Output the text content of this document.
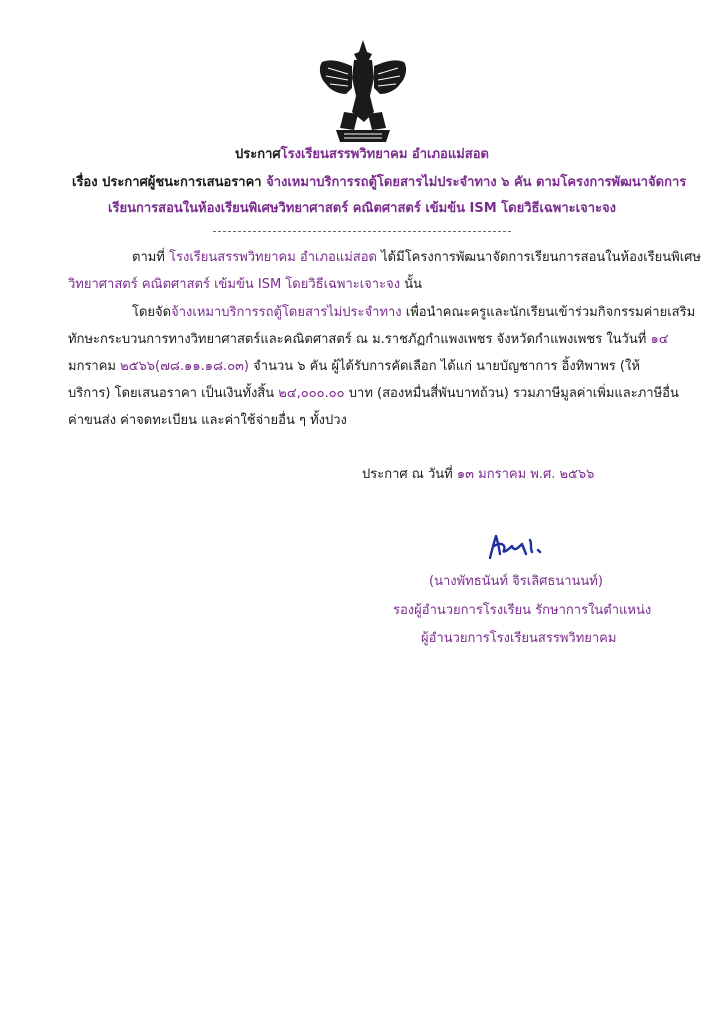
ประกาศโรงเรียนสรรพวิทยาคม อำเภอแม่สอด
เรื่อง ประกาศผู้ชนะการเสนอราคา จ้างเหมาบริการรถตู้โดยสารไม่ประจำทาง ๖ คัน ตามโครงการพัฒนาจัดการ
เรียนการสอนในห้องเรียนพิเศษวิทยาศาสตร์ คณิตศาสตร์ เข้มข้น ISM โดยวิธีเฉพาะเจาะจง
ตามที่ โรงเรียนสรรพวิทยาคม อำเภอแม่สอด ได้มีโครงการพัฒนาจัดการเรียนการสอนในห้องเรียนพิเศษ
วิทยาศาสตร์ คณิตศาสตร์ เข้มข้น ISM โดยวิธีเฉพาะเจาะจง นั้น
โดยจัดจ้างเหมาบริการรถตู้โดยสารไม่ประจำทาง เพื่อนำคณะครูและนักเรียนเข้าร่วมกิจกรรมค่ายเสริม
ทักษะกระบวนการทางวิทยาศาสตร์และคณิตศาสตร์ ณ ม.ราชภัฏกำแพงเพชร จังหวัดกำแพงเพชร ในวันที่ ๑๔
มกราคม ๒๕๖๖(๗๘.๑๑.๑๘.๐๓) จำนวน ๖ คัน ผู้ได้รับการคัดเลือก ได้แก่ นายบัญชาการ อิ้งทิพาพร (ให้
บริการ) โดยเสนอราคา เป็นเงินทั้งสิ้น ๒๔,๐๐๐.๐๐ บาท (สองหมื่นสี่พันบาทถ้วน) รวมภาษีมูลค่าเพิ่มและภาษีอื่น
ค่าขนส่ง ค่าจดทะเบียน และค่าใช้จ่ายอื่น ๆ ทั้งปวง
ประกาศ ณ วันที่ ๑๓ มกราคม พ.ศ. ๒๕๖๖
(นางพัทธนันท์ จิรเลิศธนานนท์)
รองผู้อำนวยการโรงเรียน รักษาการในตำแหน่ง
ผู้อำนวยการโรงเรียนสรรพวิทยาคม
